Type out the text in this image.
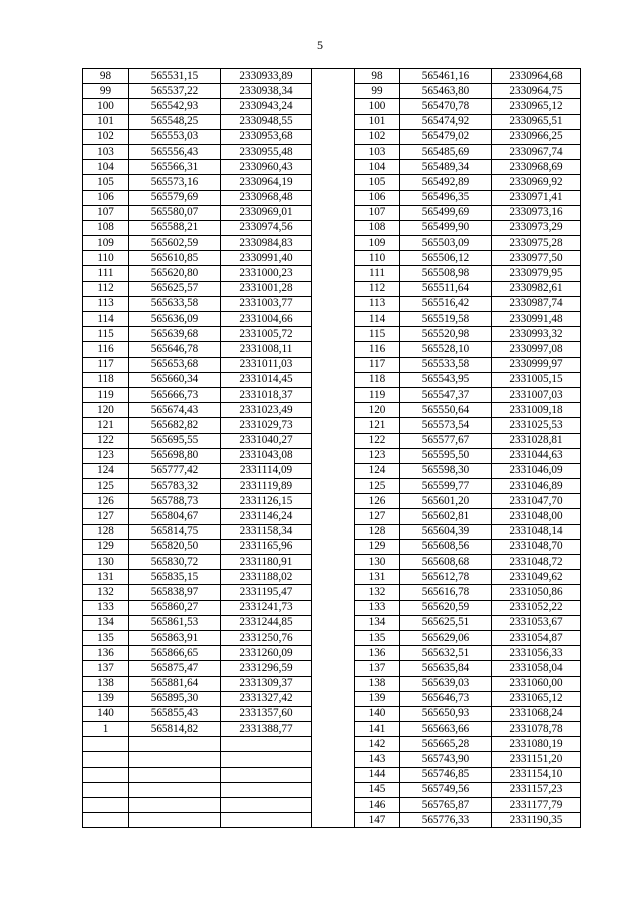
5
98	565531,15	2330933,89		98	565461,16	2330964,68
99	565537,22	2330938,34		99	565463,80	2330964,75
100	565542,93	2330943,24		100	565470,78	2330965,12
101	565548,25	2330948,55		101	565474,92	2330965,51
102	565553,03	2330953,68		102	565479,02	2330966,25
103	565556,43	2330955,48		103	565485,69	2330967,74
104	565566,31	2330960,43		104	565489,34	2330968,69
105	565573,16	2330964,19		105	565492,89	2330969,92
106	565579,69	2330968,48		106	565496,35	2330971,41
107	565580,07	2330969,01		107	565499,69	2330973,16
108	565588,21	2330974,56		108	565499,90	2330973,29
109	565602,59	2330984,83		109	565503,09	2330975,28
110	565610,85	2330991,40		110	565506,12	2330977,50
111	565620,80	2331000,23		111	565508,98	2330979,95
112	565625,57	2331001,28		112	565511,64	2330982,61
113	565633,58	2331003,77		113	565516,42	2330987,74
114	565636,09	2331004,66		114	565519,58	2330991,48
115	565639,68	2331005,72		115	565520,98	2330993,32
116	565646,78	2331008,11		116	565528,10	2330997,08
117	565653,68	2331011,03		117	565533,58	2330999,97
118	565660,34	2331014,45		118	565543,95	2331005,15
119	565666,73	2331018,37		119	565547,37	2331007,03
120	565674,43	2331023,49		120	565550,64	2331009,18
121	565682,82	2331029,73		121	565573,54	2331025,53
122	565695,55	2331040,27		122	565577,67	2331028,81
123	565698,80	2331043,08		123	565595,50	2331044,63
124	565777,42	2331114,09		124	565598,30	2331046,09
125	565783,32	2331119,89		125	565599,77	2331046,89
126	565788,73	2331126,15		126	565601,20	2331047,70
127	565804,67	2331146,24		127	565602,81	2331048,00
128	565814,75	2331158,34		128	565604,39	2331048,14
129	565820,50	2331165,96		129	565608,56	2331048,70
130	565830,72	2331180,91		130	565608,68	2331048,72
131	565835,15	2331188,02		131	565612,78	2331049,62
132	565838,97	2331195,47		132	565616,78	2331050,86
133	565860,27	2331241,73		133	565620,59	2331052,22
134	565861,53	2331244,85		134	565625,51	2331053,67
135	565863,91	2331250,76		135	565629,06	2331054,87
136	565866,65	2331260,09		136	565632,51	2331056,33
137	565875,47	2331296,59		137	565635,84	2331058,04
138	565881,64	2331309,37		138	565639,03	2331060,00
139	565895,30	2331327,42		139	565646,73	2331065,12
140	565855,43	2331357,60		140	565650,93	2331068,24
1	565814,82	2331388,77		141	565663,66	2331078,78
				142	565665,28	2331080,19
				143	565743,90	2331151,20
				144	565746,85	2331154,10
				145	565749,56	2331157,23
				146	565765,87	2331177,79
				147	565776,33	2331190,35
